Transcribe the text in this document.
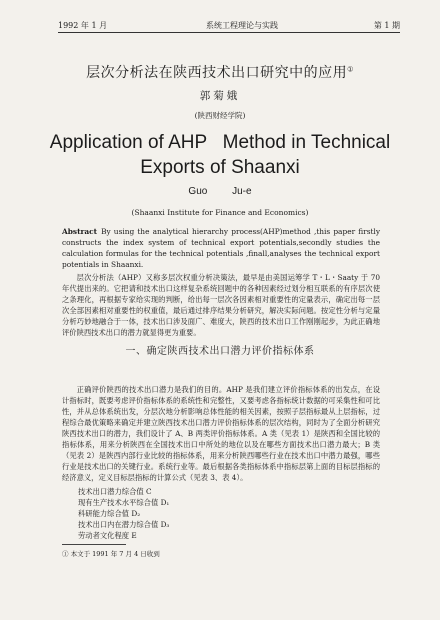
1992 年 1 月	系统工程理论与实践	第 1 期
层次分析法在陕西技术出口研究中的应用①
郭菊娥
(陕西财经学院)
Application of AHP   Method in Technical
Exports of Shaanxi
Guo Ju-e
(Shaanxi Institute for Finance and Economics)
Abstract By using the analytical hierarchy process(AHP)method ,this paper firstly constructs the index system of technical export potentials,secondly studies the calculation formulas for the technical potentials ,finall,analyses the technical export potentials in Shaanxi.
层次分析法（AHP）又称多层次权重分析决策法，最早是由美国运筹学 T・L・Saaty 于 70 年代提出来的。它把请和技术出口这样复杂系统回题中的各种因素经过划分相互联系的有序层次使之条理化，再根据专家给实现的判断，给出每一层次各因素相对重要性的定量表示，确定出每一层次全部因素相对重要性的权重值，最后通过排序结果分析研究，解决实际问题。按定性分析与定量分析巧妙地融合于一体，技术出口涉及面广、难度大，陕西的技术出口工作刚刚起步，为此正确地评价陕西技术出口的潜力就显得更为重要。
一、确定陕西技术出口潜力评价指标体系
正确评价陕西的技术出口潜力是我们的目的。AHP 是我们建立评价指标体系的出发点，在设计指标时，既要考虑评价指标体系的系统性和完整性，又要考虑各指标统计数据的可采集性和可比性，并从总体系统出发，分层次地分析影响总体性能的相关因素，按照子层指标最从上层指标，过程综合最优策略来确定并建立陕西技术出口潜力评价指标体系的层次结构，同时为了全面分析研究陕西技术出口的潜力，我们设计了 A、B 两类评价指标体系。A 类（见表 1）是陕西和全国比较的指标体系，用来分析陕西在全国技术出口中所处的地位以及在哪些方面技术出口潜力最大；B 类（见表 2）是陕西内部行业比较的指标体系，用来分析陕西哪些行业在技术出口中潜力最强，哪些行业是技术出口的关键行业。系统行业等。最后根据各类指标体系中指标层第上面的目标层指标的经济意义，定义目标层指标的计算公式（见表 3、表 4）。
技术出口潜力综合值 C
现有生产技术水平综合值 D₁
科研能力综合值 D₂
技术出口内在潜力综合值 D₃
劳动者文化程度 E
① 本文于 1991 年 7 月 4 日收到
